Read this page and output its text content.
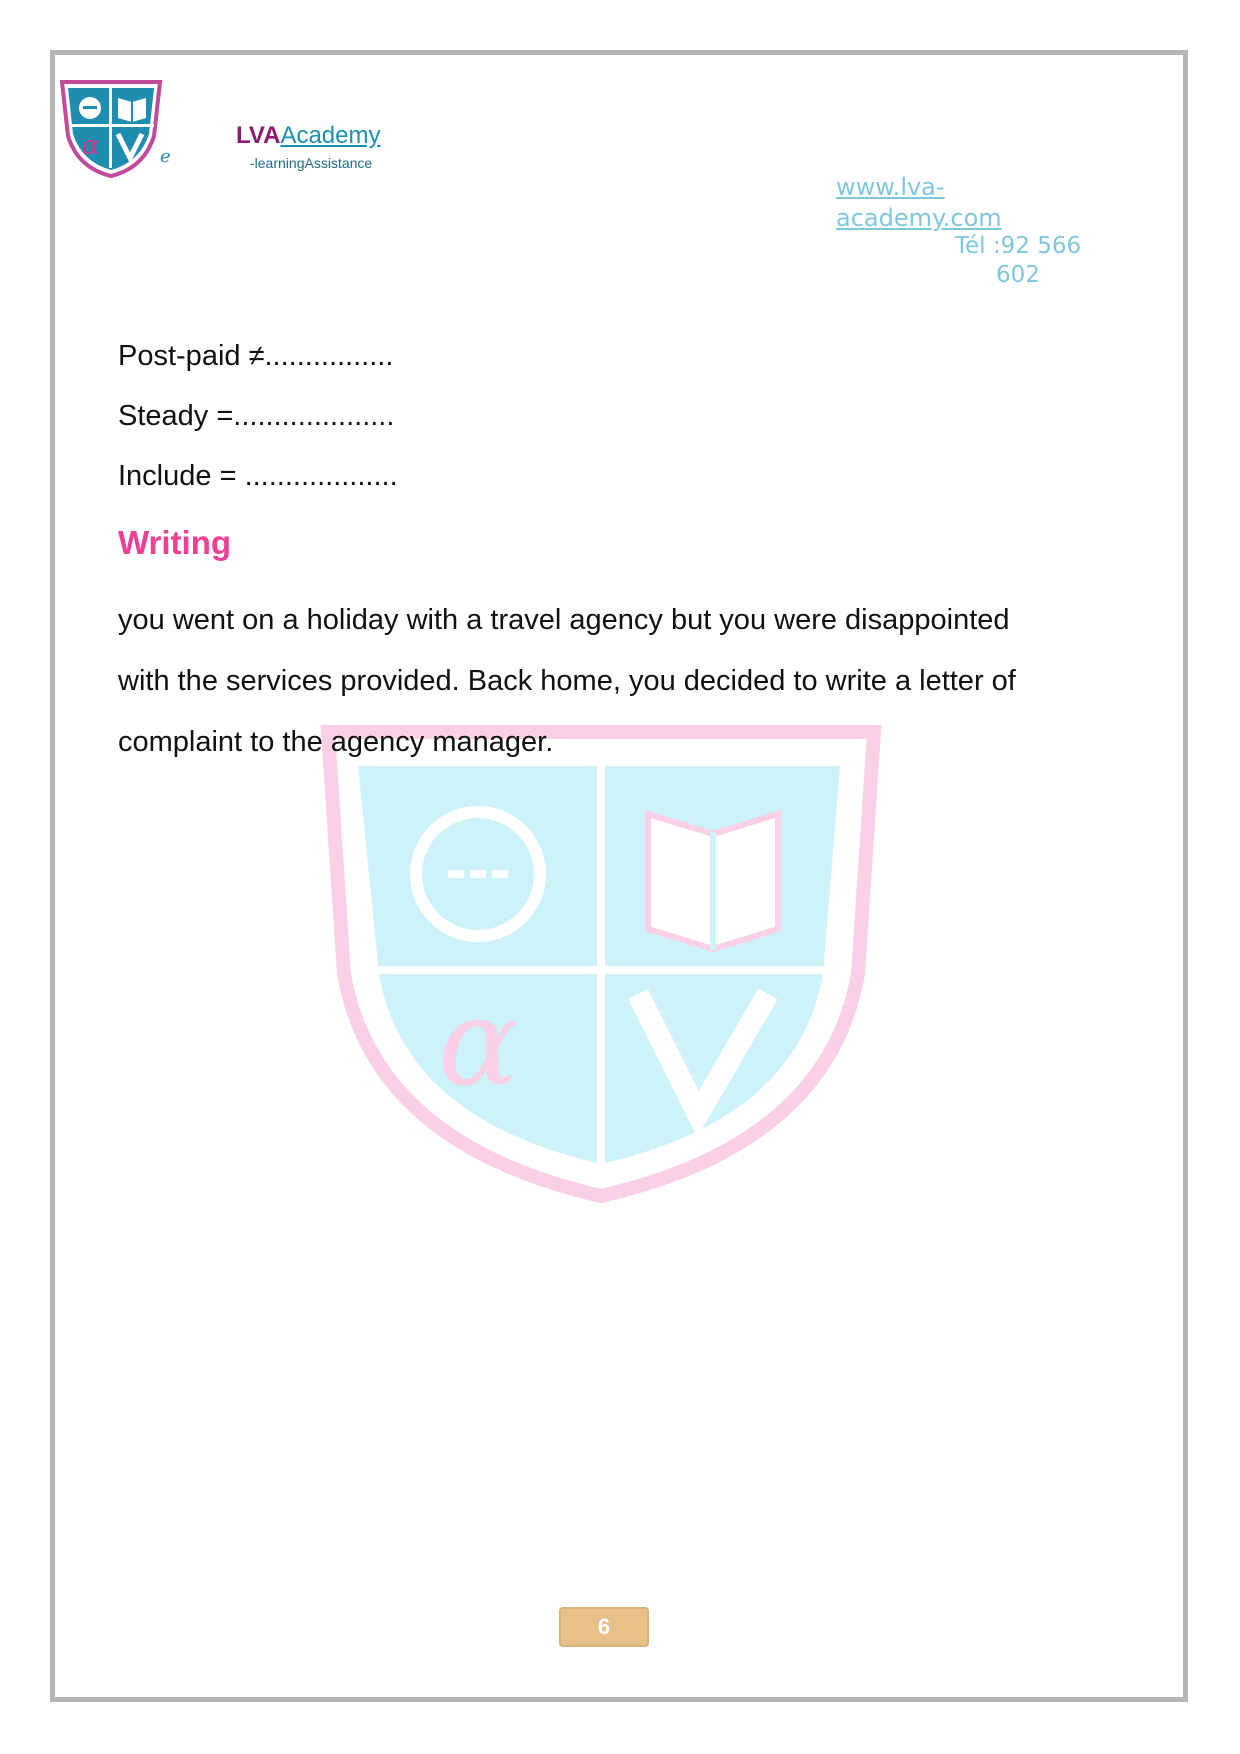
α	e
LVAAcademy
-learningAssistance
www.lva-
academy.com
Tél :92 566
602
α
Post-paid ≠................
Steady =....................
Include = ...................
Writing
you went on a holiday with a travel agency but you were disappointed
with the services provided. Back home, you decided to write a letter of
complaint to the agency manager.
6
